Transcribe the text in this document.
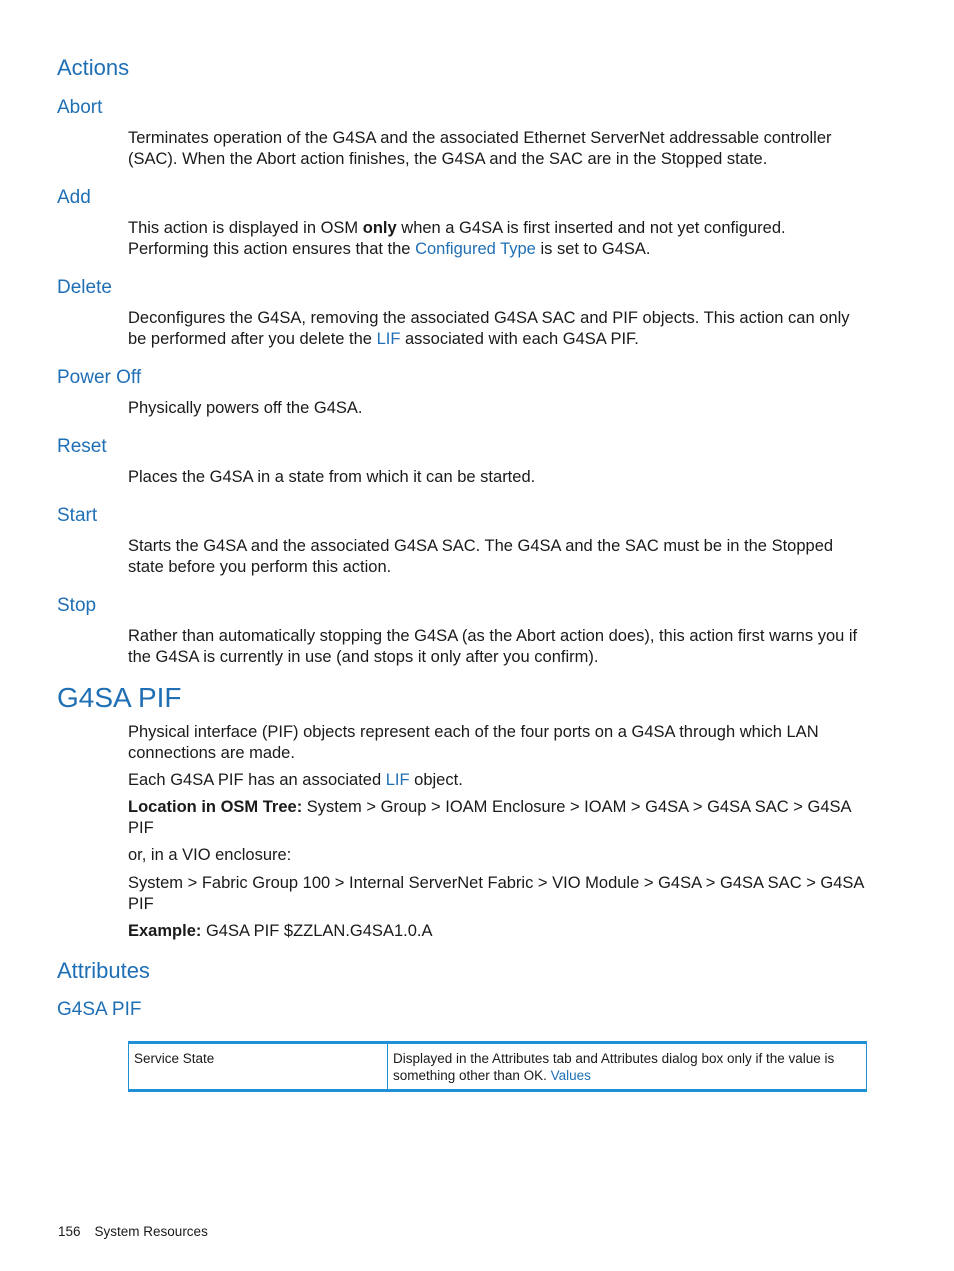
Actions
Abort

Terminates operation of the G4SA and the associated Ethernet ServerNet addressable controller (SAC). When the Abort action finishes, the G4SA and the SAC are in the Stopped state.

Add

This action is displayed in OSM only when a G4SA is first inserted and not yet configured. Performing this action ensures that the Configured Type is set to G4SA.

Delete

Deconfigures the G4SA, removing the associated G4SA SAC and PIF objects. This action can only be performed after you delete the LIF associated with each G4SA PIF.

Power Off

Physically powers off the G4SA.

Reset

Places the G4SA in a state from which it can be started.

Start

Starts the G4SA and the associated G4SA SAC. The G4SA and the SAC must be in the Stopped state before you perform this action.

Stop

Rather than automatically stopping the G4SA (as the Abort action does), this action first warns you if the G4SA is currently in use (and stops it only after you confirm).

G4SA PIF

Physical interface (PIF) objects represent each of the four ports on a G4SA through which LAN connections are made.

Each G4SA PIF has an associated LIF object.

Location in OSM Tree: System > Group > IOAM Enclosure > IOAM > G4SA > G4SA SAC > G4SA PIF

or, in a VIO enclosure:

System > Fabric Group 100 > Internal ServerNet Fabric > VIO Module > G4SA > G4SA SAC > G4SA PIF

Example: G4SA PIF $ZZLAN.G4SA1.0.A

Attributes
G4SA PIF
Service State	Displayed in the Attributes tab and Attributes dialog box only if the value is something other than OK. Values
156 System Resources
